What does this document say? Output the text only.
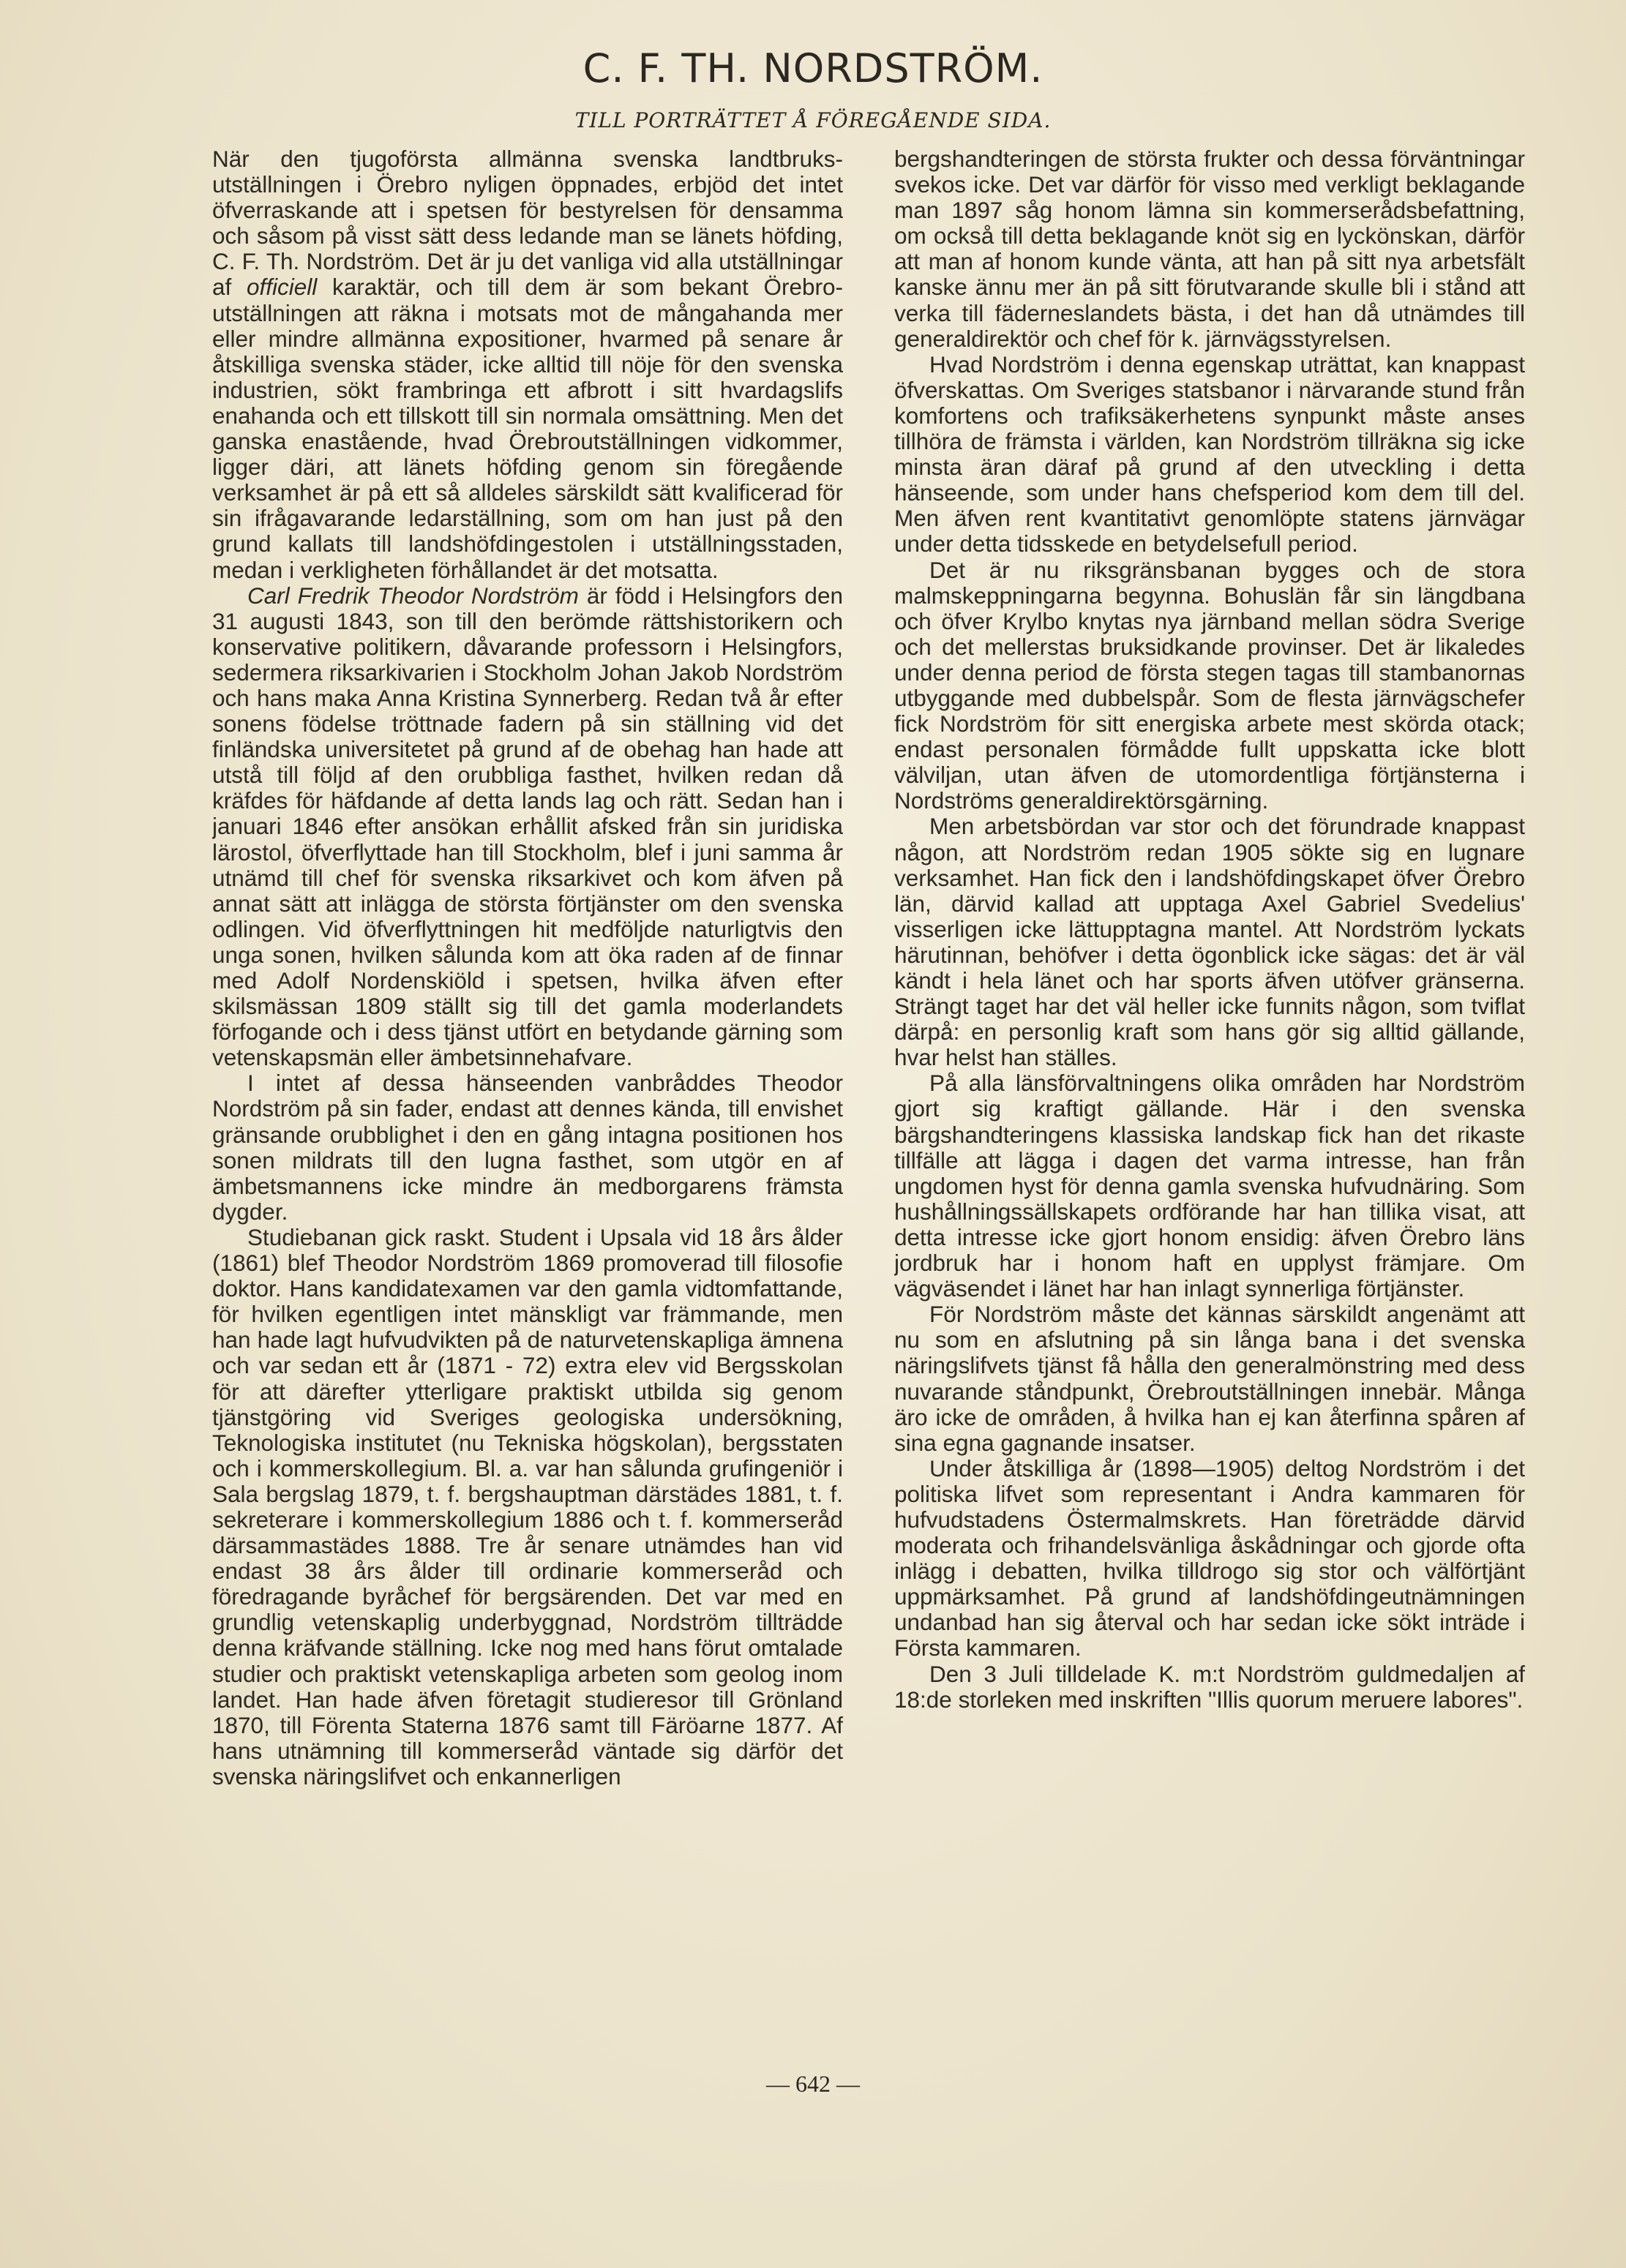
C. F. TH. NORDSTRÖM.
TILL PORTRÄTTET Å FÖREGÅENDE SIDA.

När den tjugoförsta allmänna svenska landtbruks-utställningen i Örebro nyligen öppnades, erbjöd det intet öfverraskande att i spetsen för bestyrelsen för densamma och såsom på visst sätt dess ledande man se länets höfding, C. F. Th. Nordström. Det är ju det vanliga vid alla utställningar af officiell karaktär, och till dem är som bekant Örebro-utställningen att räkna i motsats mot de mångahanda mer eller mindre allmänna expositioner, hvarmed på senare år åtskilliga svenska städer, icke alltid till nöje för den svenska industrien, sökt frambringa ett afbrott i sitt hvardagslifs enahanda och ett tillskott till sin normala omsättning. Men det ganska enastående, hvad Örebroutställningen vidkommer, ligger däri, att länets höfding genom sin föregående verksamhet är på ett så alldeles särskildt sätt kvalificerad för sin ifrågavarande ledarställning, som om han just på den grund kallats till landshöfdingestolen i utställningsstaden, medan i verkligheten förhållandet är det motsatta.

Carl Fredrik Theodor Nordström är född i Helsingfors den 31 augusti 1843, son till den berömde rättshistorikern och konservative politikern, dåvarande professorn i Helsingfors, sedermera riksarkivarien i Stockholm Johan Jakob Nordström och hans maka Anna Kristina Synnerberg. Redan två år efter sonens födelse tröttnade fadern på sin ställning vid det finländska universitetet på grund af de obehag han hade att utstå till följd af den orubbliga fasthet, hvilken redan då kräfdes för häfdande af detta lands lag och rätt. Sedan han i januari 1846 efter ansökan erhållit afsked från sin juridiska lärostol, öfverflyttade han till Stockholm, blef i juni samma år utnämd till chef för svenska riksarkivet och kom äfven på annat sätt att inlägga de största förtjänster om den svenska odlingen. Vid öfverflyttningen hit medföljde naturligtvis den unga sonen, hvilken sålunda kom att öka raden af de finnar med Adolf Nordenskiöld i spetsen, hvilka äfven efter skilsmässan 1809 ställt sig till det gamla moderlandets förfogande och i dess tjänst utfört en betydande gärning som vetenskapsmän eller ämbetsinnehafvare.

I intet af dessa hänseenden vanbråddes Theodor Nordström på sin fader, endast att dennes kända, till envishet gränsande orubblighet i den en gång intagna positionen hos sonen mildrats till den lugna fasthet, som utgör en af ämbetsmannens icke mindre än medborgarens främsta dygder.

Studiebanan gick raskt. Student i Upsala vid 18 års ålder (1861) blef Theodor Nordström 1869 promoverad till filosofie doktor. Hans kandidatexamen var den gamla vidtomfattande, för hvilken egentligen intet mänskligt var främmande, men han hade lagt hufvudvikten på de naturvetenskapliga ämnena och var sedan ett år (1871 - 72) extra elev vid Bergsskolan för att därefter ytterligare praktiskt utbilda sig genom tjänstgöring vid Sveriges geologiska undersökning, Teknologiska institutet (nu Tekniska högskolan), bergsstaten och i kommerskollegium. Bl. a. var han sålunda grufingeniör i Sala bergslag 1879, t. f. bergshauptman därstädes 1881, t. f. sekreterare i kommerskollegium 1886 och t. f. kommerseråd därsammastädes 1888. Tre år senare utnämdes han vid endast 38 års ålder till ordinarie kommerseråd och föredragande byråchef för bergsärenden. Det var med en grundlig vetenskaplig underbyggnad, Nordström tillträdde denna kräfvande ställning. Icke nog med hans förut omtalade studier och praktiskt vetenskapliga arbeten som geolog inom landet. Han hade äfven företagit studieresor till Grönland 1870, till Förenta Staterna 1876 samt till Färöarne 1877. Af hans utnämning till kommerseråd väntade sig därför det svenska näringslifvet och enkannerligen

bergshandteringen de största frukter och dessa förväntningar svekos icke. Det var därför för visso med verkligt beklagande man 1897 såg honom lämna sin kommerserådsbefattning, om också till detta beklagande knöt sig en lyckönskan, därför att man af honom kunde vänta, att han på sitt nya arbetsfält kanske ännu mer än på sitt förutvarande skulle bli i stånd att verka till fäderneslandets bästa, i det han då utnämdes till generaldirektör och chef för k. järnvägsstyrelsen.

Hvad Nordström i denna egenskap uträttat, kan knappast öfverskattas. Om Sveriges statsbanor i närvarande stund från komfortens och trafiksäkerhetens synpunkt måste anses tillhöra de främsta i världen, kan Nordström tillräkna sig icke minsta äran däraf på grund af den utveckling i detta hänseende, som under hans chefsperiod kom dem till del. Men äfven rent kvantitativt genomlöpte statens järnvägar under detta tidsskede en betydelsefull period.

Det är nu riksgränsbanan bygges och de stora malmskeppningarna begynna. Bohuslän får sin längdbana och öfver Krylbo knytas nya järnband mellan södra Sverige och det mellerstas bruksidkande provinser. Det är likaledes under denna period de första stegen tagas till stambanornas utbyggande med dubbelspår. Som de flesta järnvägschefer fick Nordström för sitt energiska arbete mest skörda otack; endast personalen förmådde fullt uppskatta icke blott välviljan, utan äfven de utomordentliga förtjänsterna i Nordströms generaldirektörsgärning.

Men arbetsbördan var stor och det förundrade knappast någon, att Nordström redan 1905 sökte sig en lugnare verksamhet. Han fick den i landshöfdingskapet öfver Örebro län, därvid kallad att upptaga Axel Gabriel Svedelius' visserligen icke lättupptagna mantel. Att Nordström lyckats härutinnan, behöfver i detta ögonblick icke sägas: det är väl kändt i hela länet och har sports äfven utöfver gränserna. Strängt taget har det väl heller icke funnits någon, som tviflat därpå: en personlig kraft som hans gör sig alltid gällande, hvar helst han ställes.

På alla länsförvaltningens olika områden har Nordström gjort sig kraftigt gällande. Här i den svenska bärgshandteringens klassiska landskap fick han det rikaste tillfälle att lägga i dagen det varma intresse, han från ungdomen hyst för denna gamla svenska hufvudnäring. Som hushållningssällskapets ordförande har han tillika visat, att detta intresse icke gjort honom ensidig: äfven Örebro läns jordbruk har i honom haft en upplyst främjare. Om vägväsendet i länet har han inlagt synnerliga förtjänster.

För Nordström måste det kännas särskildt angenämt att nu som en afslutning på sin långa bana i det svenska näringslifvets tjänst få hålla den generalmönstring med dess nuvarande ståndpunkt, Örebroutställningen innebär. Många äro icke de områden, å hvilka han ej kan återfinna spåren af sina egna gagnande insatser.

Under åtskilliga år (1898—1905) deltog Nordström i det politiska lifvet som representant i Andra kammaren för hufvudstadens Östermalmskrets. Han företrädde därvid moderata och frihandelsvänliga åskådningar och gjorde ofta inlägg i debatten, hvilka tilldrogo sig stor och välförtjänt uppmärksamhet. På grund af landshöfdingeutnämningen undanbad han sig återval och har sedan icke sökt inträde i Första kammaren.

Den 3 Juli tilldelade K. m:t Nordström guldmedaljen af 18:de storleken med inskriften "Illis quorum meruere labores".

— 642 —
